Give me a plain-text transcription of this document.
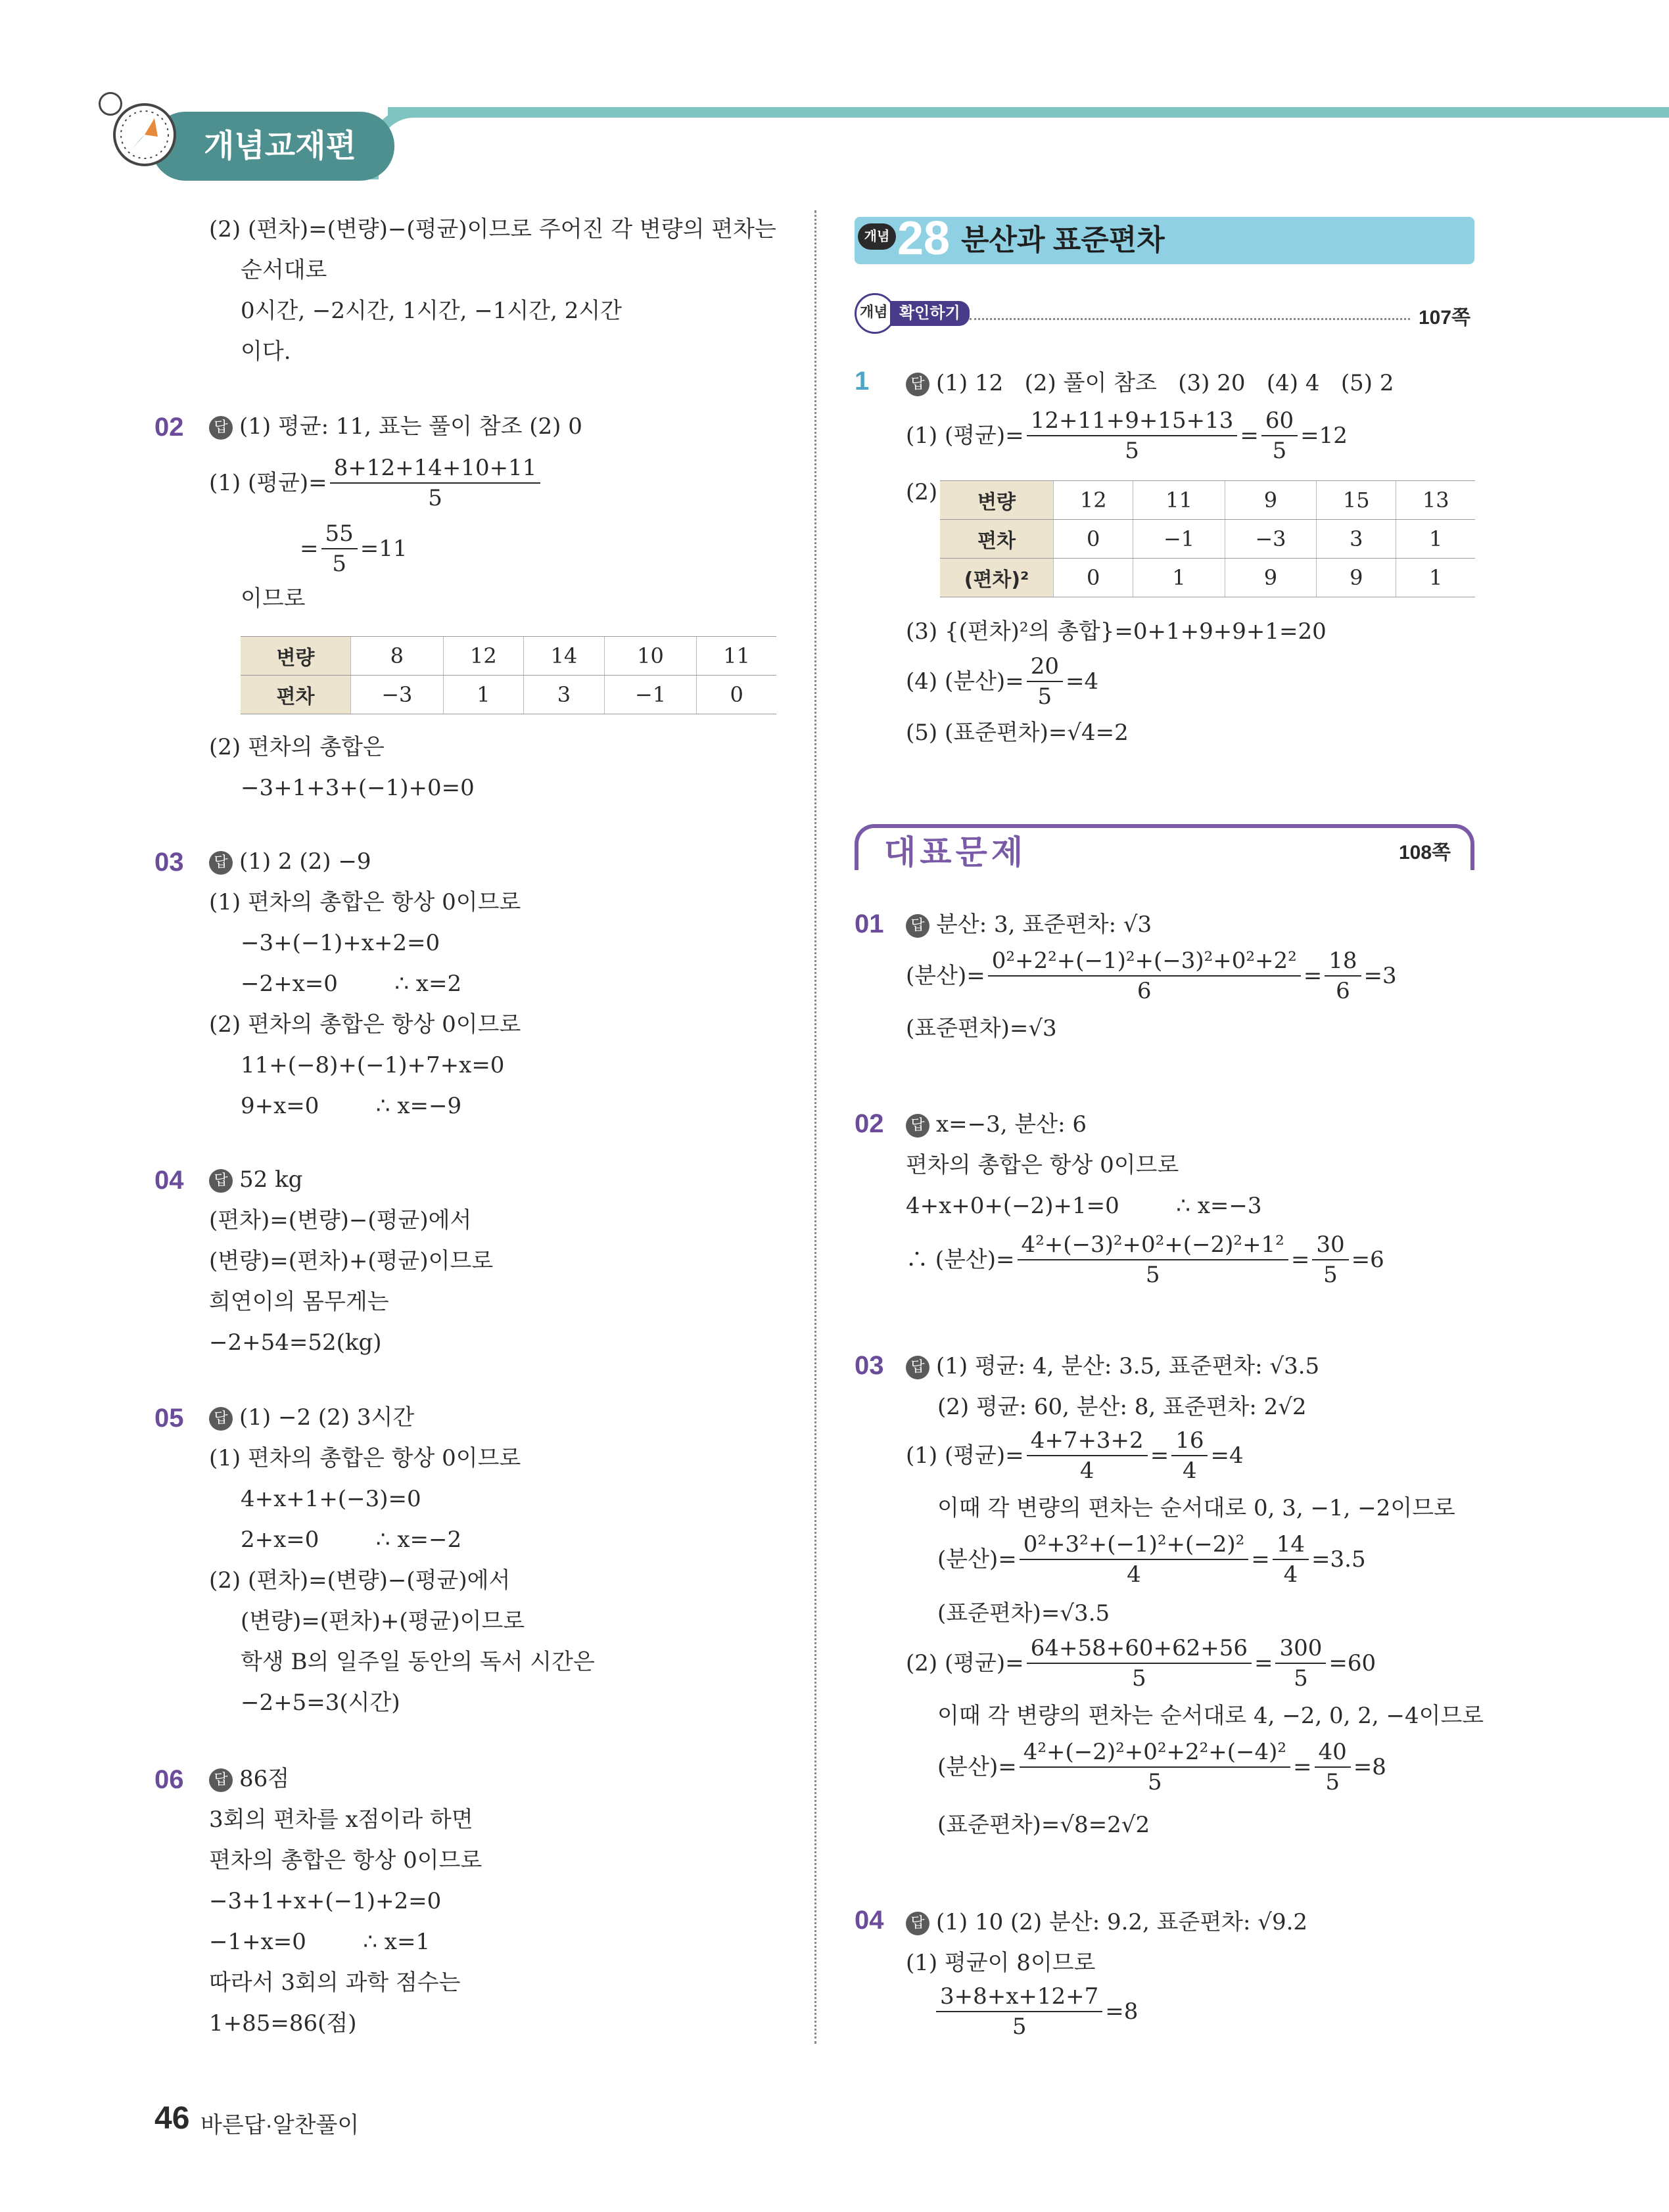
개념교재편
(2) (편차)=(변량)−(평균)이므로 주어진 각 변량의 편차는
순서대로
0시간, −2시간, 1시간, −1시간, 2시간
이다.
02	답 (1) 평균: 11, 표는 풀이 참조 (2) 0
(1) (평균)= $\frac{8+12+14+10+11}{5}$
= $\frac{55}{5} =11$
이므로
변량	8	12	14	10	11
편차	−3	1	3	−1	0
(2) 편차의 총합은
−3+1+3+(−1)+0=0
03	답 (1) 2 (2) −9
(1) 편차의 총합은 항상 0이므로
−3+(−1)+x+2=0
−2+x=0        ∴ x=2
(2) 편차의 총합은 항상 0이므로
11+(−8)+(−1)+7+x=0
9+x=0        ∴ x=−9
04	답 52 kg
(편차)=(변량)−(평균)에서
(변량)=(편차)+(평균)이므로
희연이의 몸무게는
−2+54=52(kg)
05	답 (1) −2 (2) 3시간
(1) 편차의 총합은 항상 0이므로
4+x+1+(−3)=0
2+x=0        ∴ x=−2
(2) (편차)=(변량)−(평균)에서
(변량)=(편차)+(평균)이므로
학생 B의 일주일 동안의 독서 시간은
−2+5=3(시간)
06	답 86점
3회의 편차를 x점이라 하면
편차의 총합은 항상 0이므로
−3+1+x+(−1)+2=0
−1+x=0        ∴ x=1
따라서 3회의 과학 점수는
1+85=86(점)
개념 28 분산과 표준편차
개념 확인하기	107쪽
1	답 (1) 12   (2) 풀이 참조   (3) 20   (4) 4   (5) 2
(1) (평균)= $\frac{12+11+9+15+13}{5} = \frac{60}{5} =12$
(2) 변량	12	11	9	15	13
편차	0	−1	−3	3	1
(편차)²	0	1	9	9	1
(3) {(편차)²의 총합}=0+1+9+9+1=20
(4) (분산)= $\frac{20}{5} =4$
(5) (표준편차)=√4=2
대표문제	108쪽
01	답 분산: 3, 표준편차: √3
(분산)= $\frac{\text{0²+2²+(−1)²+(−3)²+0²+2²}}{6} = \frac{18}{6} =3$
(표준편차)=√3
02	답 x=−3, 분산: 6
편차의 총합은 항상 0이므로
4+x+0+(−2)+1=0        ∴ x=−3
∴ (분산)= $\frac{\text{4²+(−3)²+0²+(−2)²+1²}}{5} = \frac{30}{5} =6$
03	답 (1) 평균: 4, 분산: 3.5, 표준편차: √3.5
(2) 평균: 60, 분산: 8, 표준편차: 2√2
(1) (평균)= $\frac{4+7+3+2}{4} = \frac{16}{4} =4$
이때 각 변량의 편차는 순서대로 0, 3, −1, −2이므로
(분산)= $\frac{\text{0²+3²+(−1)²+(−2)²}}{4} = \frac{14}{4} =3.5$
(표준편차)=√3.5
(2) (평균)= $\frac{64+58+60+62+56}{5} = \frac{300}{5} =60$
이때 각 변량의 편차는 순서대로 4, −2, 0, 2, −4이므로
(분산)= $\frac{\text{4²+(−2)²+0²+2²+(−4)²}}{5} = \frac{40}{5} =8$
(표준편차)=√8=2√2
04	답 (1) 10 (2) 분산: 9.2, 표준편차: √9.2
(1) 평균이 8이므로
$\frac{3+8+x+12+7}{5} =8$
46 바른답·알찬풀이
